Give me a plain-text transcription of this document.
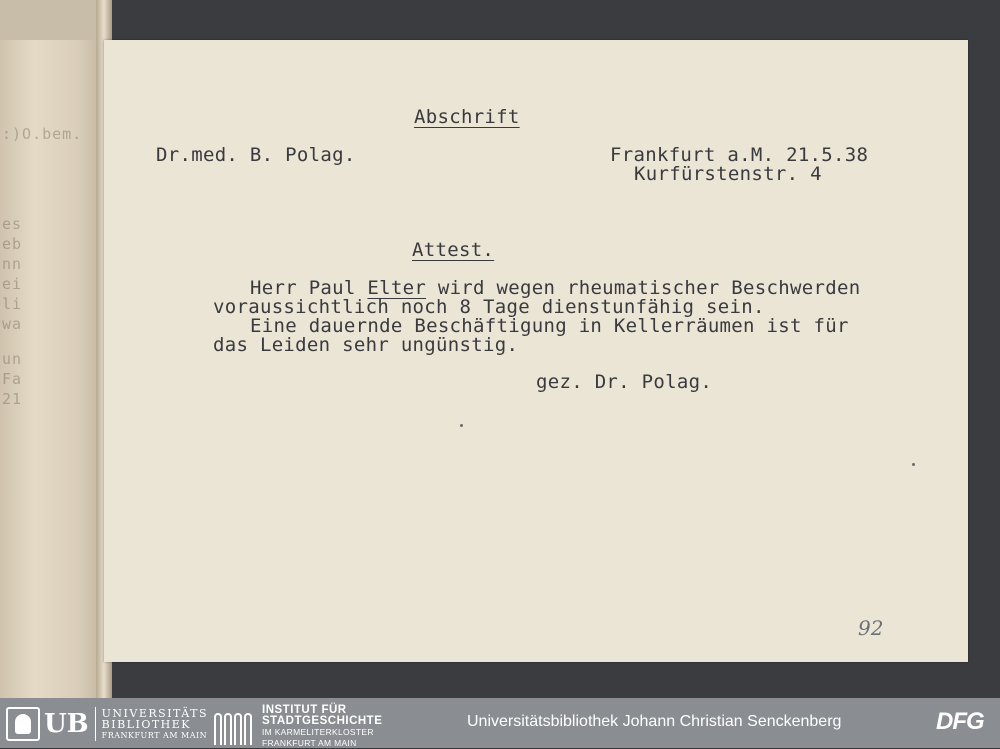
:)O.bem.
es
eb
nn
ei
li
wa
un
Fa
21
Abschrift
Dr.med. B. Polag.	Frankfurt a.M. 21.5.38
Kurfürstenstr. 4
Attest.
Herr Paul Elter wird wegen rheumatischer Beschwerden
voraussichtlich noch 8 Tage dienstunfähig sein.
Eine dauernde Beschäftigung in Kellerräumen ist für
das Leiden sehr ungünstig.
gez. Dr. Polag.
92
UB UNIVERSITÄTS
BIBLIOTHEK
FRANKFURT AM MAIN
INSTITUT FÜR
STADTGESCHICHTE
IM KARMELITERKLOSTER
FRANKFURT AM MAIN
Universitätsbibliothek Johann Christian Senckenberg	DFG
